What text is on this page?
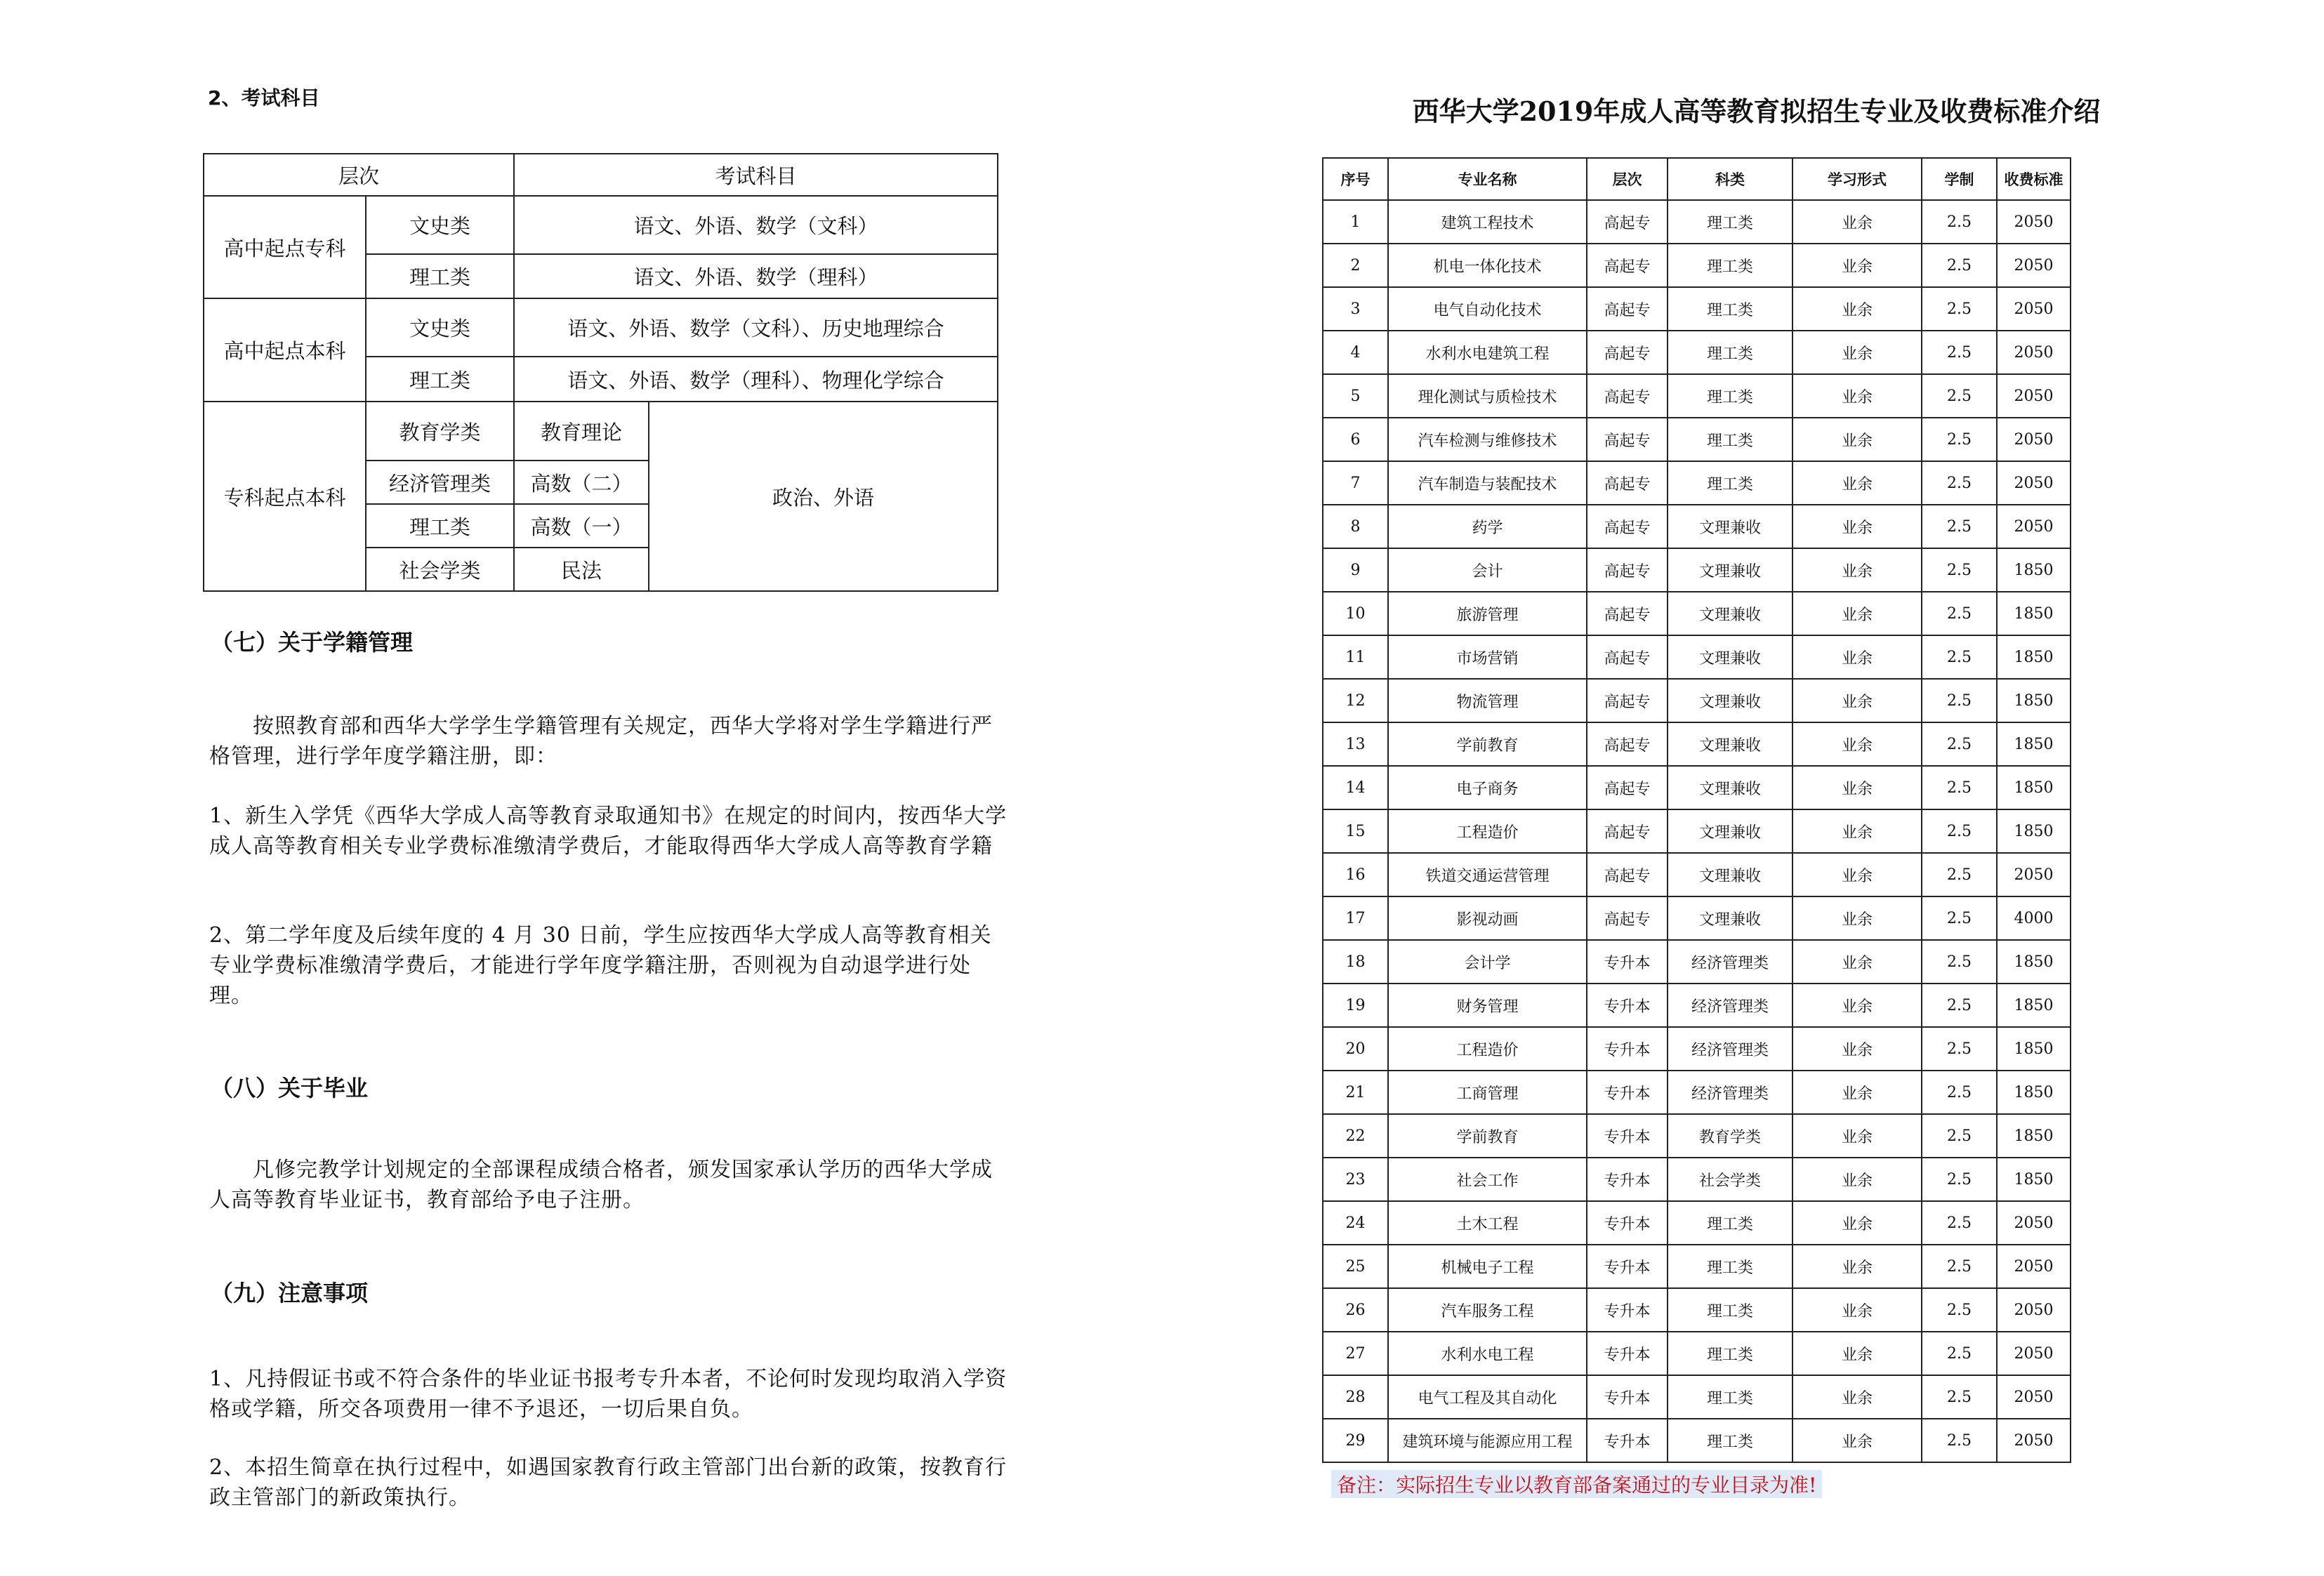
2、考试科目
层次		考试科目	
高中起点专科	文史类	语文、外语、数学（文科）	
	理工类	语文、外语、数学（理科）	
高中起点本科	文史类	语文、外语、数学（文科）、历史地理综合	
	理工类	语文、外语、数学（理科）、物理化学综合	
专科起点本科	教育学类	教育理论	政治、外语
	经济管理类	高数（二）	
	理工类	高数（一）	
	社会学类	民法	
（七）关于学籍管理
按照教育部和西华大学学生学籍管理有关规定，西华大学将对学生学籍进行严格管理，进行学年度学籍注册，即：
1、新生入学凭《西华大学成人高等教育录取通知书》在规定的时间内，按西华大学成人高等教育相关专业学费标准缴清学费后，才能取得西华大学成人高等教育学籍
2、第二学年度及后续年度的 4 月 30 日前，学生应按西华大学成人高等教育相关专业学费标准缴清学费后，才能进行学年度学籍注册，否则视为自动退学进行处理。
（八）关于毕业
凡修完教学计划规定的全部课程成绩合格者，颁发国家承认学历的西华大学成人高等教育毕业证书，教育部给予电子注册。
（九）注意事项
1、凡持假证书或不符合条件的毕业证书报考专升本者，不论何时发现均取消入学资格或学籍，所交各项费用一律不予退还，一切后果自负。
2、本招生简章在执行过程中，如遇国家教育行政主管部门出台新的政策，按教育行政主管部门的新政策执行。
西华大学2019年成人高等教育拟招生专业及收费标准介绍
序号	专业名称	层次	科类	学习形式	学制	收费标准
1	建筑工程技术	高起专	理工类	业余	2.5	2050
2	机电一体化技术	高起专	理工类	业余	2.5	2050
3	电气自动化技术	高起专	理工类	业余	2.5	2050
4	水利水电建筑工程	高起专	理工类	业余	2.5	2050
5	理化测试与质检技术	高起专	理工类	业余	2.5	2050
6	汽车检测与维修技术	高起专	理工类	业余	2.5	2050
7	汽车制造与装配技术	高起专	理工类	业余	2.5	2050
8	药学	高起专	文理兼收	业余	2.5	2050
9	会计	高起专	文理兼收	业余	2.5	1850
10	旅游管理	高起专	文理兼收	业余	2.5	1850
11	市场营销	高起专	文理兼收	业余	2.5	1850
12	物流管理	高起专	文理兼收	业余	2.5	1850
13	学前教育	高起专	文理兼收	业余	2.5	1850
14	电子商务	高起专	文理兼收	业余	2.5	1850
15	工程造价	高起专	文理兼收	业余	2.5	1850
16	铁道交通运营管理	高起专	文理兼收	业余	2.5	2050
17	影视动画	高起专	文理兼收	业余	2.5	4000
18	会计学	专升本	经济管理类	业余	2.5	1850
19	财务管理	专升本	经济管理类	业余	2.5	1850
20	工程造价	专升本	经济管理类	业余	2.5	1850
21	工商管理	专升本	经济管理类	业余	2.5	1850
22	学前教育	专升本	教育学类	业余	2.5	1850
23	社会工作	专升本	社会学类	业余	2.5	1850
24	土木工程	专升本	理工类	业余	2.5	2050
25	机械电子工程	专升本	理工类	业余	2.5	2050
26	汽车服务工程	专升本	理工类	业余	2.5	2050
27	水利水电工程	专升本	理工类	业余	2.5	2050
28	电气工程及其自动化	专升本	理工类	业余	2.5	2050
29	建筑环境与能源应用工程	专升本	理工类	业余	2.5	2050
备注：实际招生专业以教育部备案通过的专业目录为准!
